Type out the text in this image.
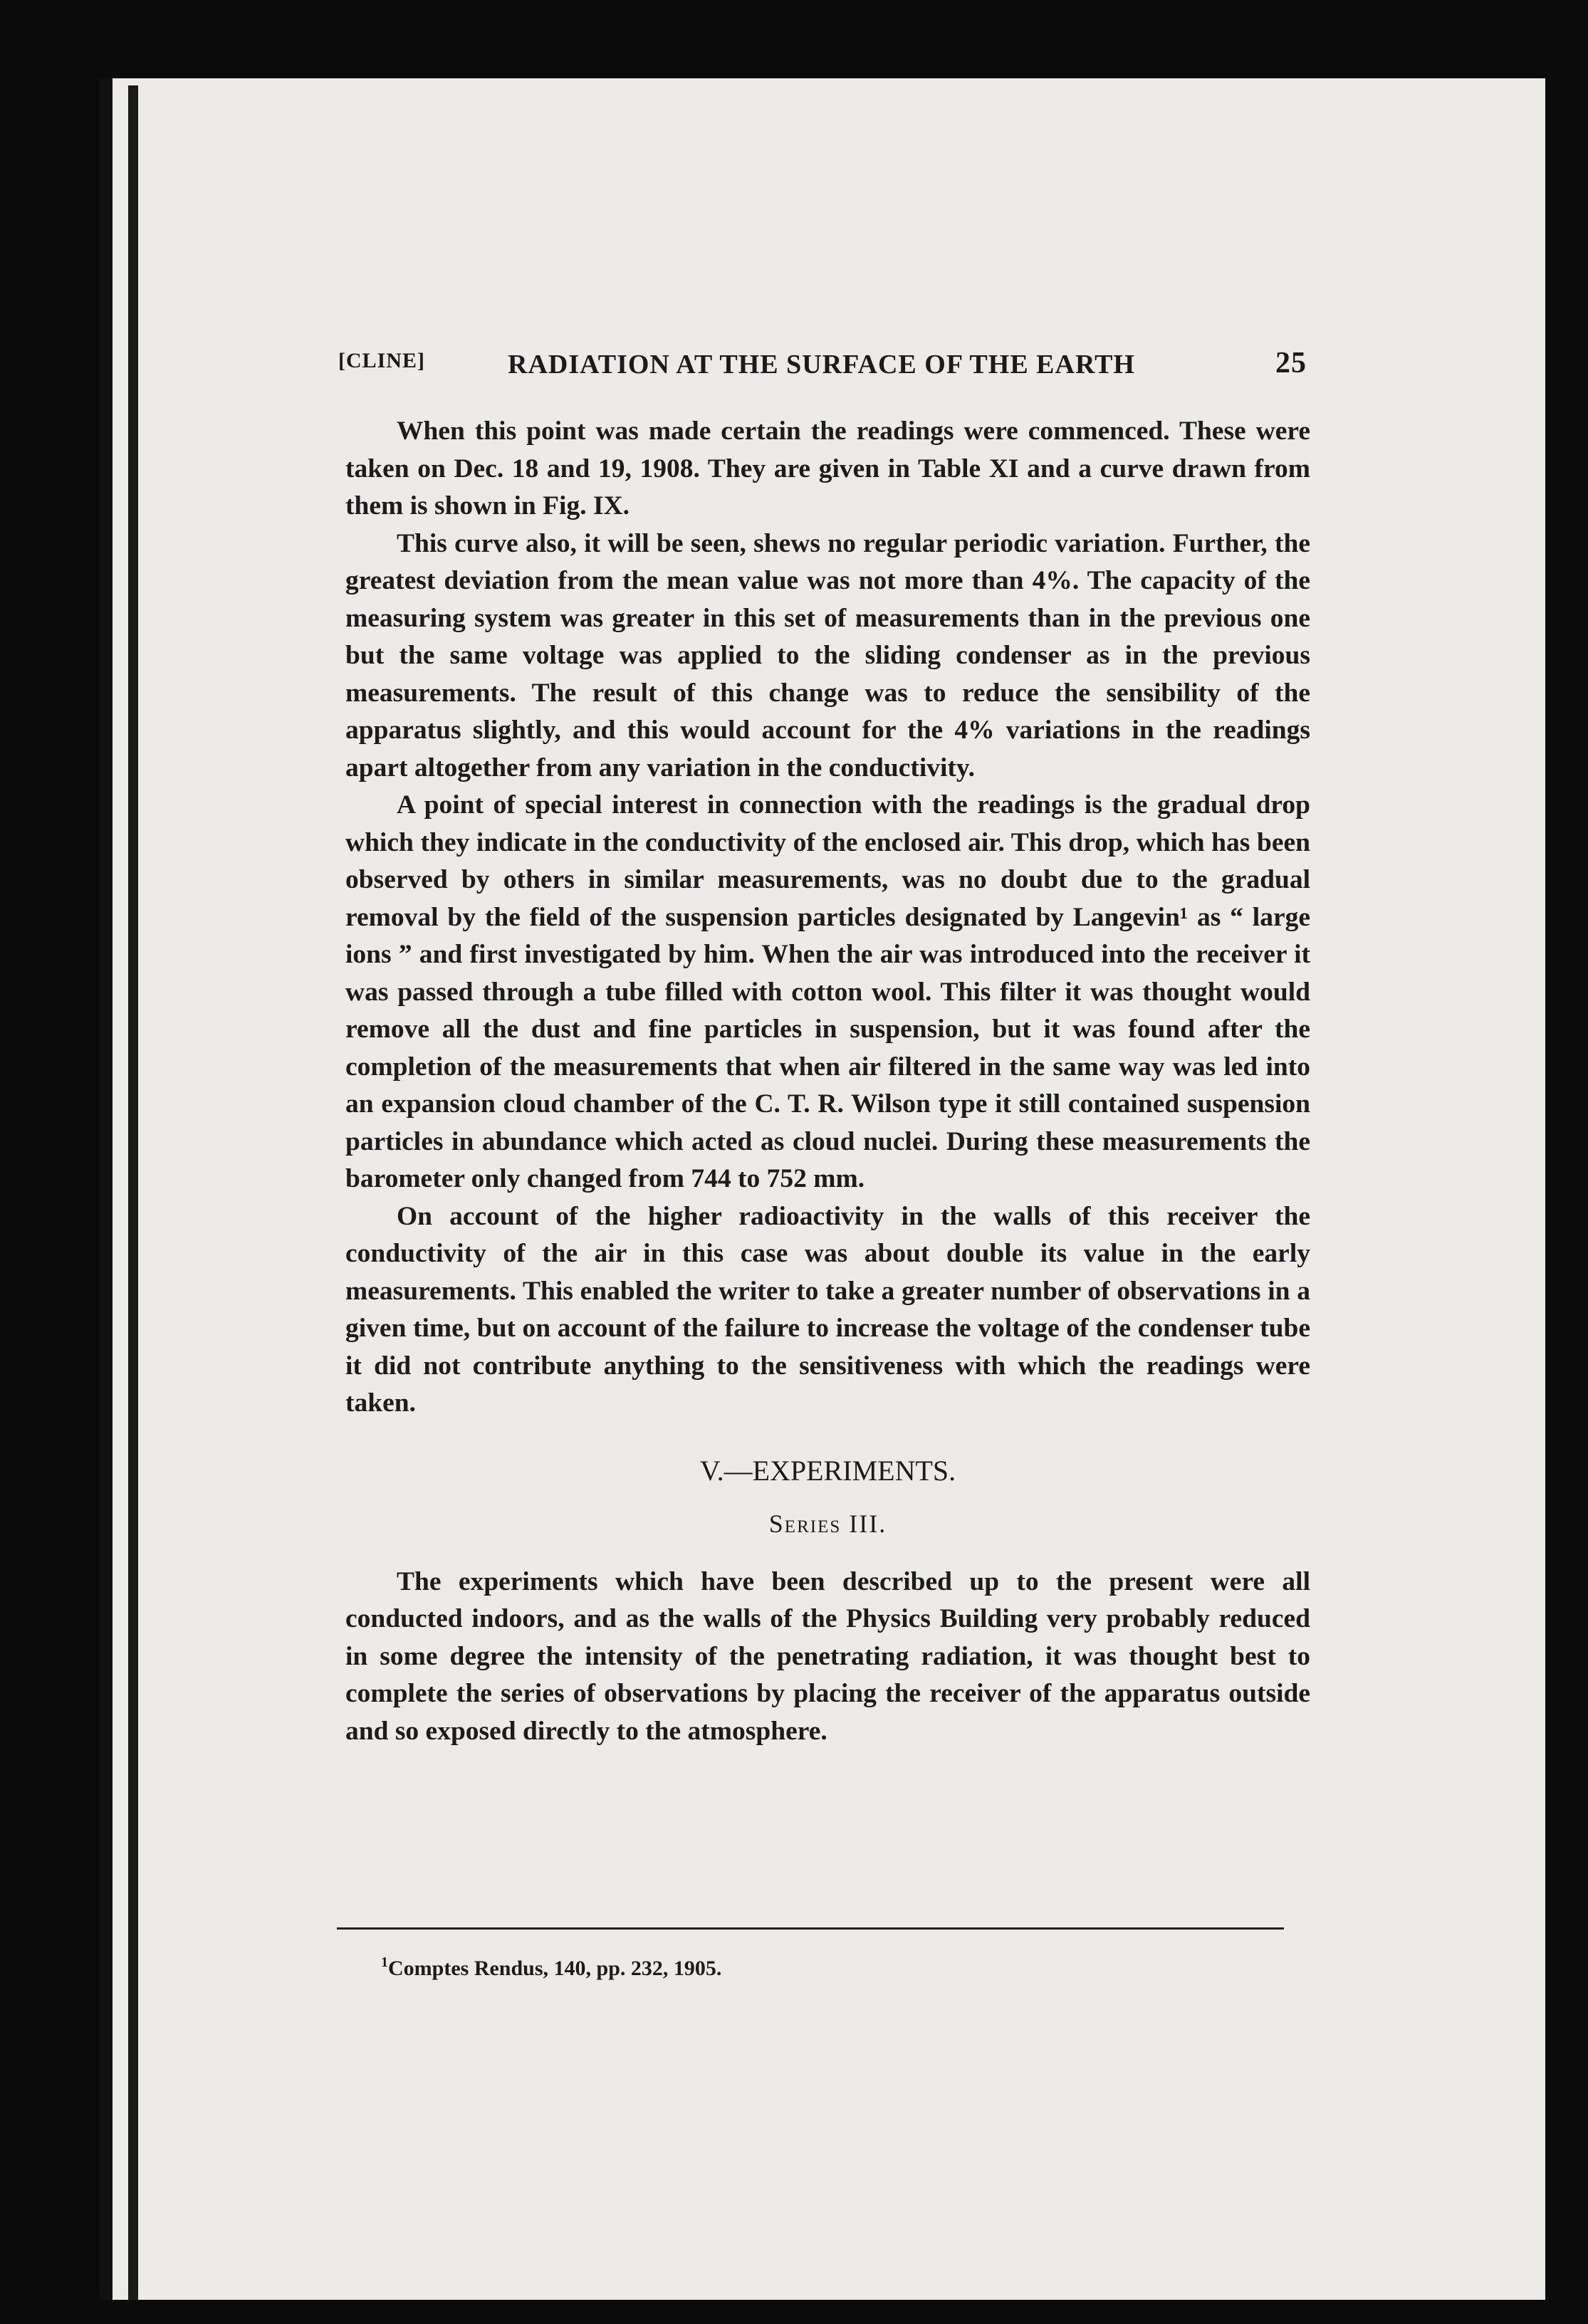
[CLINE]	RADIATION AT THE SURFACE OF THE EARTH	25

When this point was made certain the readings were commenced. These were taken on Dec. 18 and 19, 1908. They are given in Table XI and a curve drawn from them is shown in Fig. IX.

This curve also, it will be seen, shews no regular periodic variation. Further, the greatest deviation from the mean value was not more than 4%. The capacity of the measuring system was greater in this set of measurements than in the previous one but the same voltage was applied to the sliding condenser as in the previous measurements. The result of this change was to reduce the sensibility of the apparatus slightly, and this would account for the 4% variations in the readings apart altogether from any variation in the conductivity.

A point of special interest in connection with the readings is the gradual drop which they indicate in the conductivity of the enclosed air. This drop, which has been observed by others in similar measurements, was no doubt due to the gradual removal by the field of the suspension particles designated by Langevin¹ as “ large ions ” and first investigated by him. When the air was introduced into the receiver it was passed through a tube filled with cotton wool. This filter it was thought would remove all the dust and fine particles in suspension, but it was found after the completion of the measurements that when air filtered in the same way was led into an expansion cloud chamber of the C. T. R. Wilson type it still contained suspension particles in abundance which acted as cloud nuclei. During these measurements the barometer only changed from 744 to 752 mm.

On account of the higher radioactivity in the walls of this receiver the conductivity of the air in this case was about double its value in the early measurements. This enabled the writer to take a greater number of observations in a given time, but on account of the failure to increase the voltage of the condenser tube it did not contribute anything to the sensitiveness with which the readings were taken.

V.—EXPERIMENTS.
Series III.

The experiments which have been described up to the present were all conducted indoors, and as the walls of the Physics Building very probably reduced in some degree the intensity of the penetrating radiation, it was thought best to complete the series of observations by placing the receiver of the apparatus outside and so exposed directly to the atmosphere.

$^1$Comptes Rendus, 140, pp. 232, 1905.
